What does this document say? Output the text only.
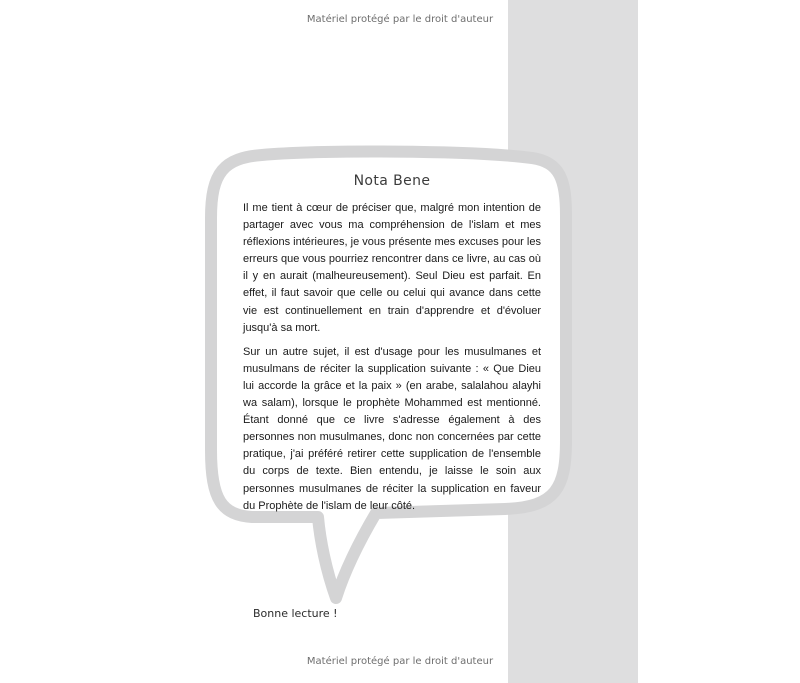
Matériel protégé par le droit d'auteur
Nota Bene

Il me tient à cœur de préciser que, malgré mon intention de partager avec vous ma compréhension de l'islam et mes réflexions intérieures, je vous présente mes excuses pour les erreurs que vous pourriez rencontrer dans ce livre, au cas où il y en aurait (malheureusement). Seul Dieu est parfait. En effet, il faut savoir que celle ou celui qui avance dans cette vie est continuellement en train d'apprendre et d'évoluer jusqu'à sa mort.

Sur un autre sujet, il est d'usage pour les musulmanes et musulmans de réciter la supplication suivante : « Que Dieu lui accorde la grâce et la paix » (en arabe, salalahou alayhi wa salam), lorsque le prophète Mohammed est mentionné. Étant donné que ce livre s'adresse également à des personnes non musulmanes, donc non concernées par cette pratique, j'ai préféré retirer cette supplication de l'ensemble du corps de texte. Bien entendu, je laisse le soin aux personnes musulmanes de réciter la supplication en faveur du Prophète de l'islam de leur côté.

Bonne lecture !
Matériel protégé par le droit d'auteur
